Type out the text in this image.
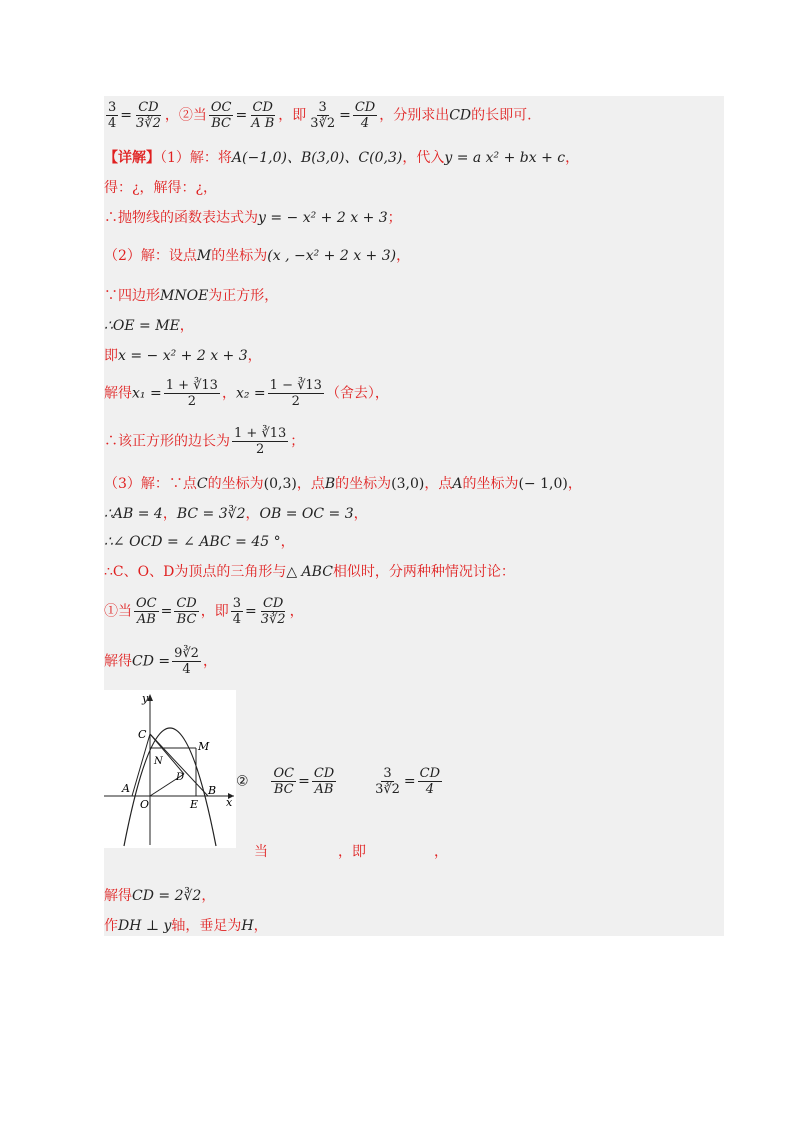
$\frac{3}{4} = \frac{CD}{3∛2}$ ，②当 $\frac{OC}{BC} = \frac{CD}{\text{A B}}$ ，即 $\frac{3}{3∛2} = \frac{CD}{4}$ ，分别求出CD的长即可.
【详解】（1）解：将A(−1,0)、B(3,0)、C(0,3)，代入y = a x² + bx + c，
得：¿，解得：¿，
∴抛物线的函数表达式为y = − x² + 2 x + 3；
（2）解：设点M的坐标为(x , −x² + 2 x + 3)，
∵四边形MNOE为正方形，
∴OE = ME，
即x = − x² + 2 x + 3，
解得$x_1 = \frac{1 + ∛13}{2}$ ，$x_2 = \frac{1 - ∛13}{2}$ （舍去），
∴该正方形的边长为 $\frac{1 + ∛13}{2}$ ；
（3）解：∵点C的坐标为(0,3)，点B的坐标为(3,0)，点A的坐标为(− 1,0)，
∴AB = 4，BC = 3∛2，OB = OC = 3，
∴∠ OCD = ∠ ABC = 45 °，
∴C、O、D为顶点的三角形与△ ABC相似时，分两种种情况讨论：
①当 $\frac{OC}{AB} = \frac{CD}{BC}$ ，即 $\frac{3}{4} = \frac{CD}{3∛2}$ ，
解得CD = $\frac{9∛2}{4}$ ，
y
x
C
M
N
D
A
O	E
B
② $\frac{OC}{BC} = \frac{CD}{AB}$
	$\frac{3}{3∛2} = \frac{CD}{4}$
当	，即	，
解得CD = 2∛2，
作DH ⊥ y轴，垂足为H，
